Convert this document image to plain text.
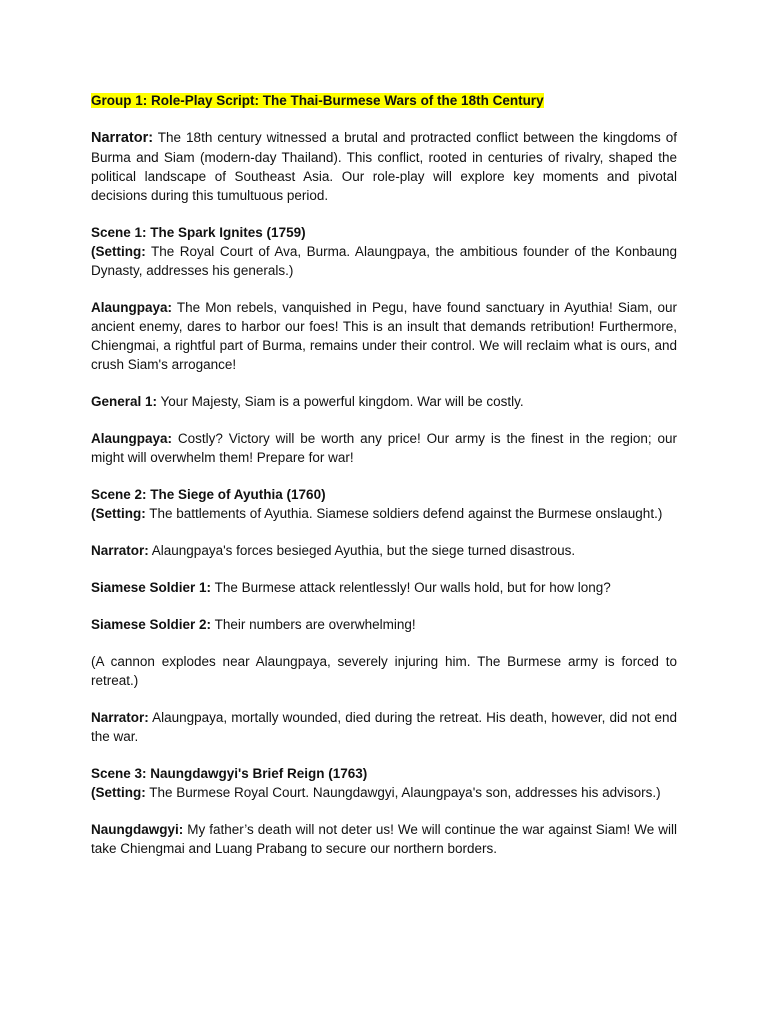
Group 1: Role-Play Script: The Thai-Burmese Wars of the 18th Century

Narrator: The 18th century witnessed a brutal and protracted conflict between the kingdoms of Burma and Siam (modern-day Thailand). This conflict, rooted in centuries of rivalry, shaped the political landscape of Southeast Asia. Our role-play will explore key moments and pivotal decisions during this tumultuous period.

Scene 1: The Spark Ignites (1759)

(Setting: The Royal Court of Ava, Burma. Alaungpaya, the ambitious founder of the Konbaung Dynasty, addresses his generals.)

Alaungpaya: The Mon rebels, vanquished in Pegu, have found sanctuary in Ayuthia! Siam, our ancient enemy, dares to harbor our foes! This is an insult that demands retribution! Furthermore, Chiengmai, a rightful part of Burma, remains under their control. We will reclaim what is ours, and crush Siam's arrogance!

General 1: Your Majesty, Siam is a powerful kingdom. War will be costly.

Alaungpaya: Costly? Victory will be worth any price! Our army is the finest in the region; our might will overwhelm them! Prepare for war!

Scene 2: The Siege of Ayuthia (1760)

(Setting: The battlements of Ayuthia. Siamese soldiers defend against the Burmese onslaught.)

Narrator: Alaungpaya's forces besieged Ayuthia, but the siege turned disastrous.

Siamese Soldier 1: The Burmese attack relentlessly! Our walls hold, but for how long?

Siamese Soldier 2: Their numbers are overwhelming!

(A cannon explodes near Alaungpaya, severely injuring him. The Burmese army is forced to retreat.)

Narrator: Alaungpaya, mortally wounded, died during the retreat. His death, however, did not end the war.

Scene 3: Naungdawgyi's Brief Reign (1763)

(Setting: The Burmese Royal Court. Naungdawgyi, Alaungpaya's son, addresses his advisors.)

Naungdawgyi: My father’s death will not deter us! We will continue the war against Siam! We will take Chiengmai and Luang Prabang to secure our northern borders.
